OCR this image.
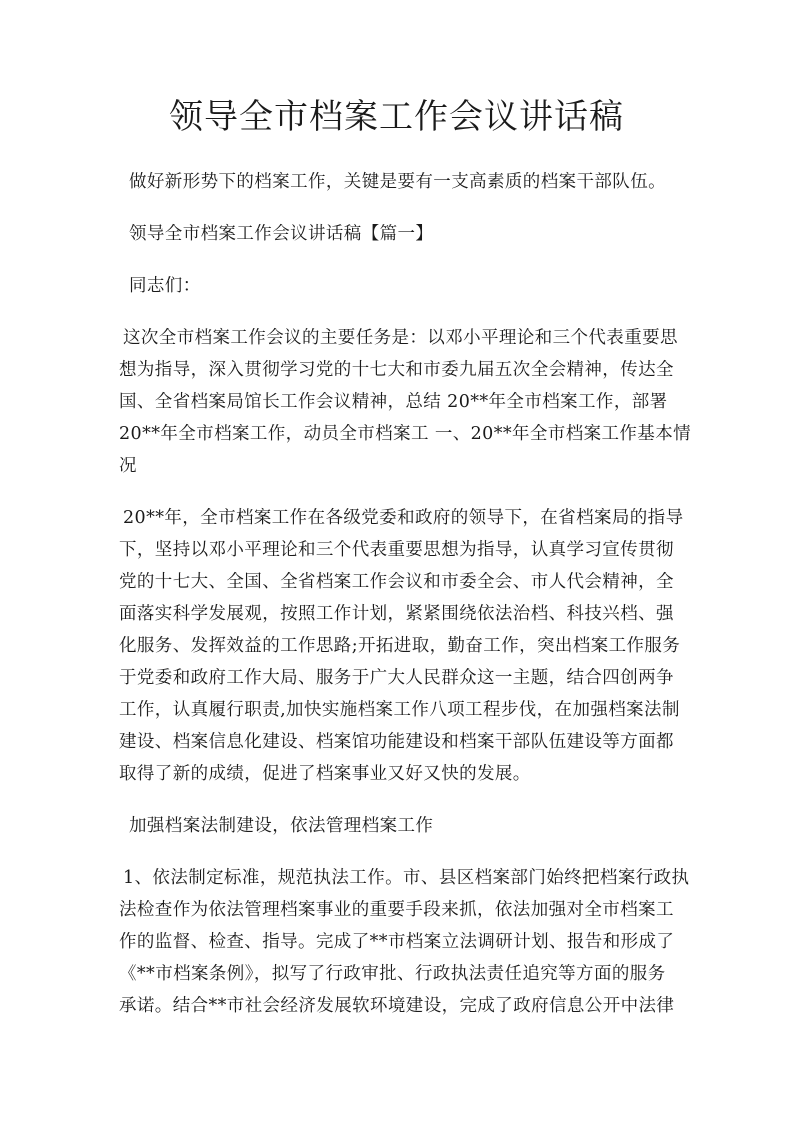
领导全市档案工作会议讲话稿

做好新形势下的档案工作，关键是要有一支高素质的档案干部队伍。

领导全市档案工作会议讲话稿【篇一】

同志们：

这次全市档案工作会议的主要任务是：以邓小平理论和三个代表重要思
想为指导，深入贯彻学习党的十七大和市委九届五次全会精神，传达全
国、全省档案局馆长工作会议精神，总结 20**年全市档案工作，部署
20**年全市档案工作，动员全市档案工 一、20**年全市档案工作基本情
况

20**年，全市档案工作在各级党委和政府的领导下，在省档案局的指导
下，坚持以邓小平理论和三个代表重要思想为指导，认真学习宣传贯彻
党的十七大、全国、全省档案工作会议和市委全会、市人代会精神，全
面落实科学发展观，按照工作计划，紧紧围绕依法治档、科技兴档、强
化服务、发挥效益的工作思路;开拓进取，勤奋工作，突出档案工作服务
于党委和政府工作大局、服务于广大人民群众这一主题，结合四创两争
工作，认真履行职责,加快实施档案工作八项工程步伐，在加强档案法制
建设、档案信息化建设、档案馆功能建设和档案干部队伍建设等方面都
取得了新的成绩，促进了档案事业又好又快的发展。

加强档案法制建设，依法管理档案工作

1、依法制定标准，规范执法工作。市、县区档案部门始终把档案行政执
法检查作为依法管理档案事业的重要手段来抓，依法加强对全市档案工
作的监督、检查、指导。完成了**市档案立法调研计划、报告和形成了
《**市档案条例》，拟写了行政审批、行政执法责任追究等方面的服务
承诺。结合**市社会经济发展软环境建设，完成了政府信息公开中法律
